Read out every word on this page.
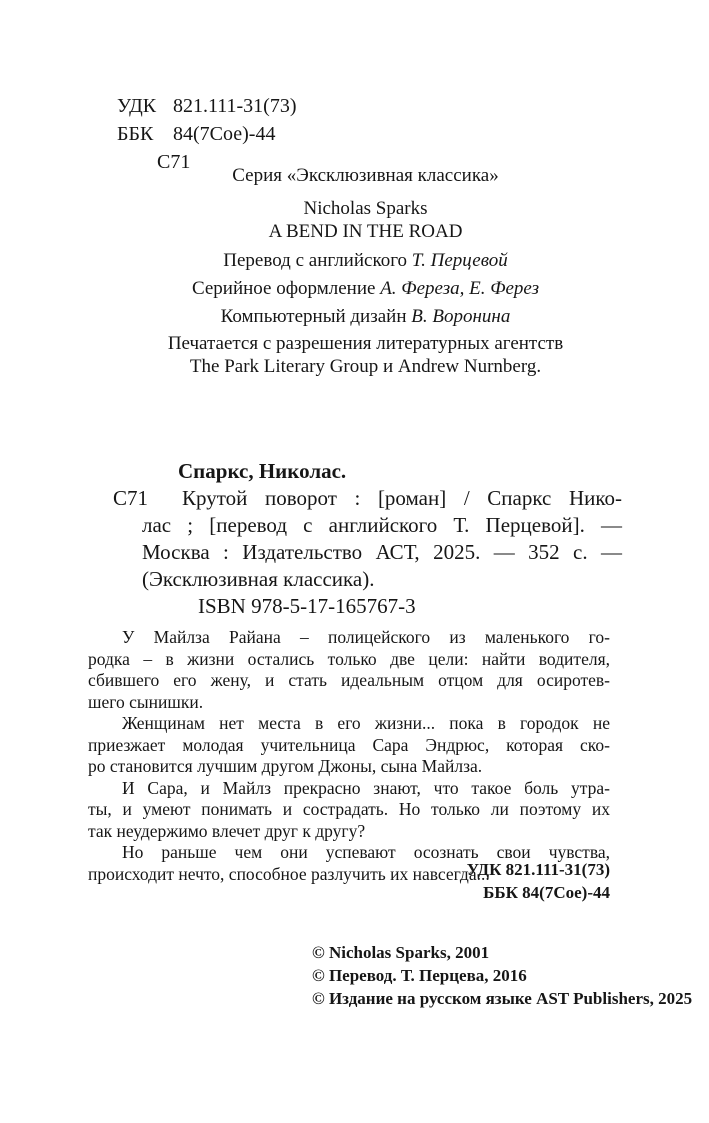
УДК 821.111-31(73)
ББК 84(7Сое)-44
С71
Серия «Эксклюзивная классика»
Nicholas Sparks
A BEND IN THE ROAD
Перевод с английского Т. Перцевой
Серийное оформление А. Фереза, Е. Ферез
Компьютерный дизайн В. Воронина
Печатается с разрешения литературных агентств
The Park Literary Group и Andrew Nurnberg.
С71
Спаркс, Николас.
Крутой поворот : [роман] / Спаркс Нико-
лас ; [перевод с английского Т. Перцевой]. —
Москва : Издательство АСТ, 2025. — 352 с. —
(Эксклюзивная классика).
ISBN 978-5-17-165767-3
У Майлза Райана – полицейского из маленького го-
родка – в жизни остались только две цели: найти водителя,
сбившего его жену, и стать идеальным отцом для осиротев-
шего сынишки.
Женщинам нет места в его жизни... пока в городок не
приезжает молодая учительница Сара Эндрюс, которая ско-
ро становится лучшим другом Джоны, сына Майлза.
И Сара, и Майлз прекрасно знают, что такое боль утра-
ты, и умеют понимать и сострадать. Но только ли поэтому их
так неудержимо влечет друг к другу?
Но раньше чем они успевают осознать свои чувства,
происходит нечто, способное разлучить их навсегда...
УДК 821.111-31(73)
ББК 84(7Сое)-44
© Nicholas Sparks, 2001
© Перевод. Т. Перцева, 2016
© Издание на русском языке AST Publishers, 2025
